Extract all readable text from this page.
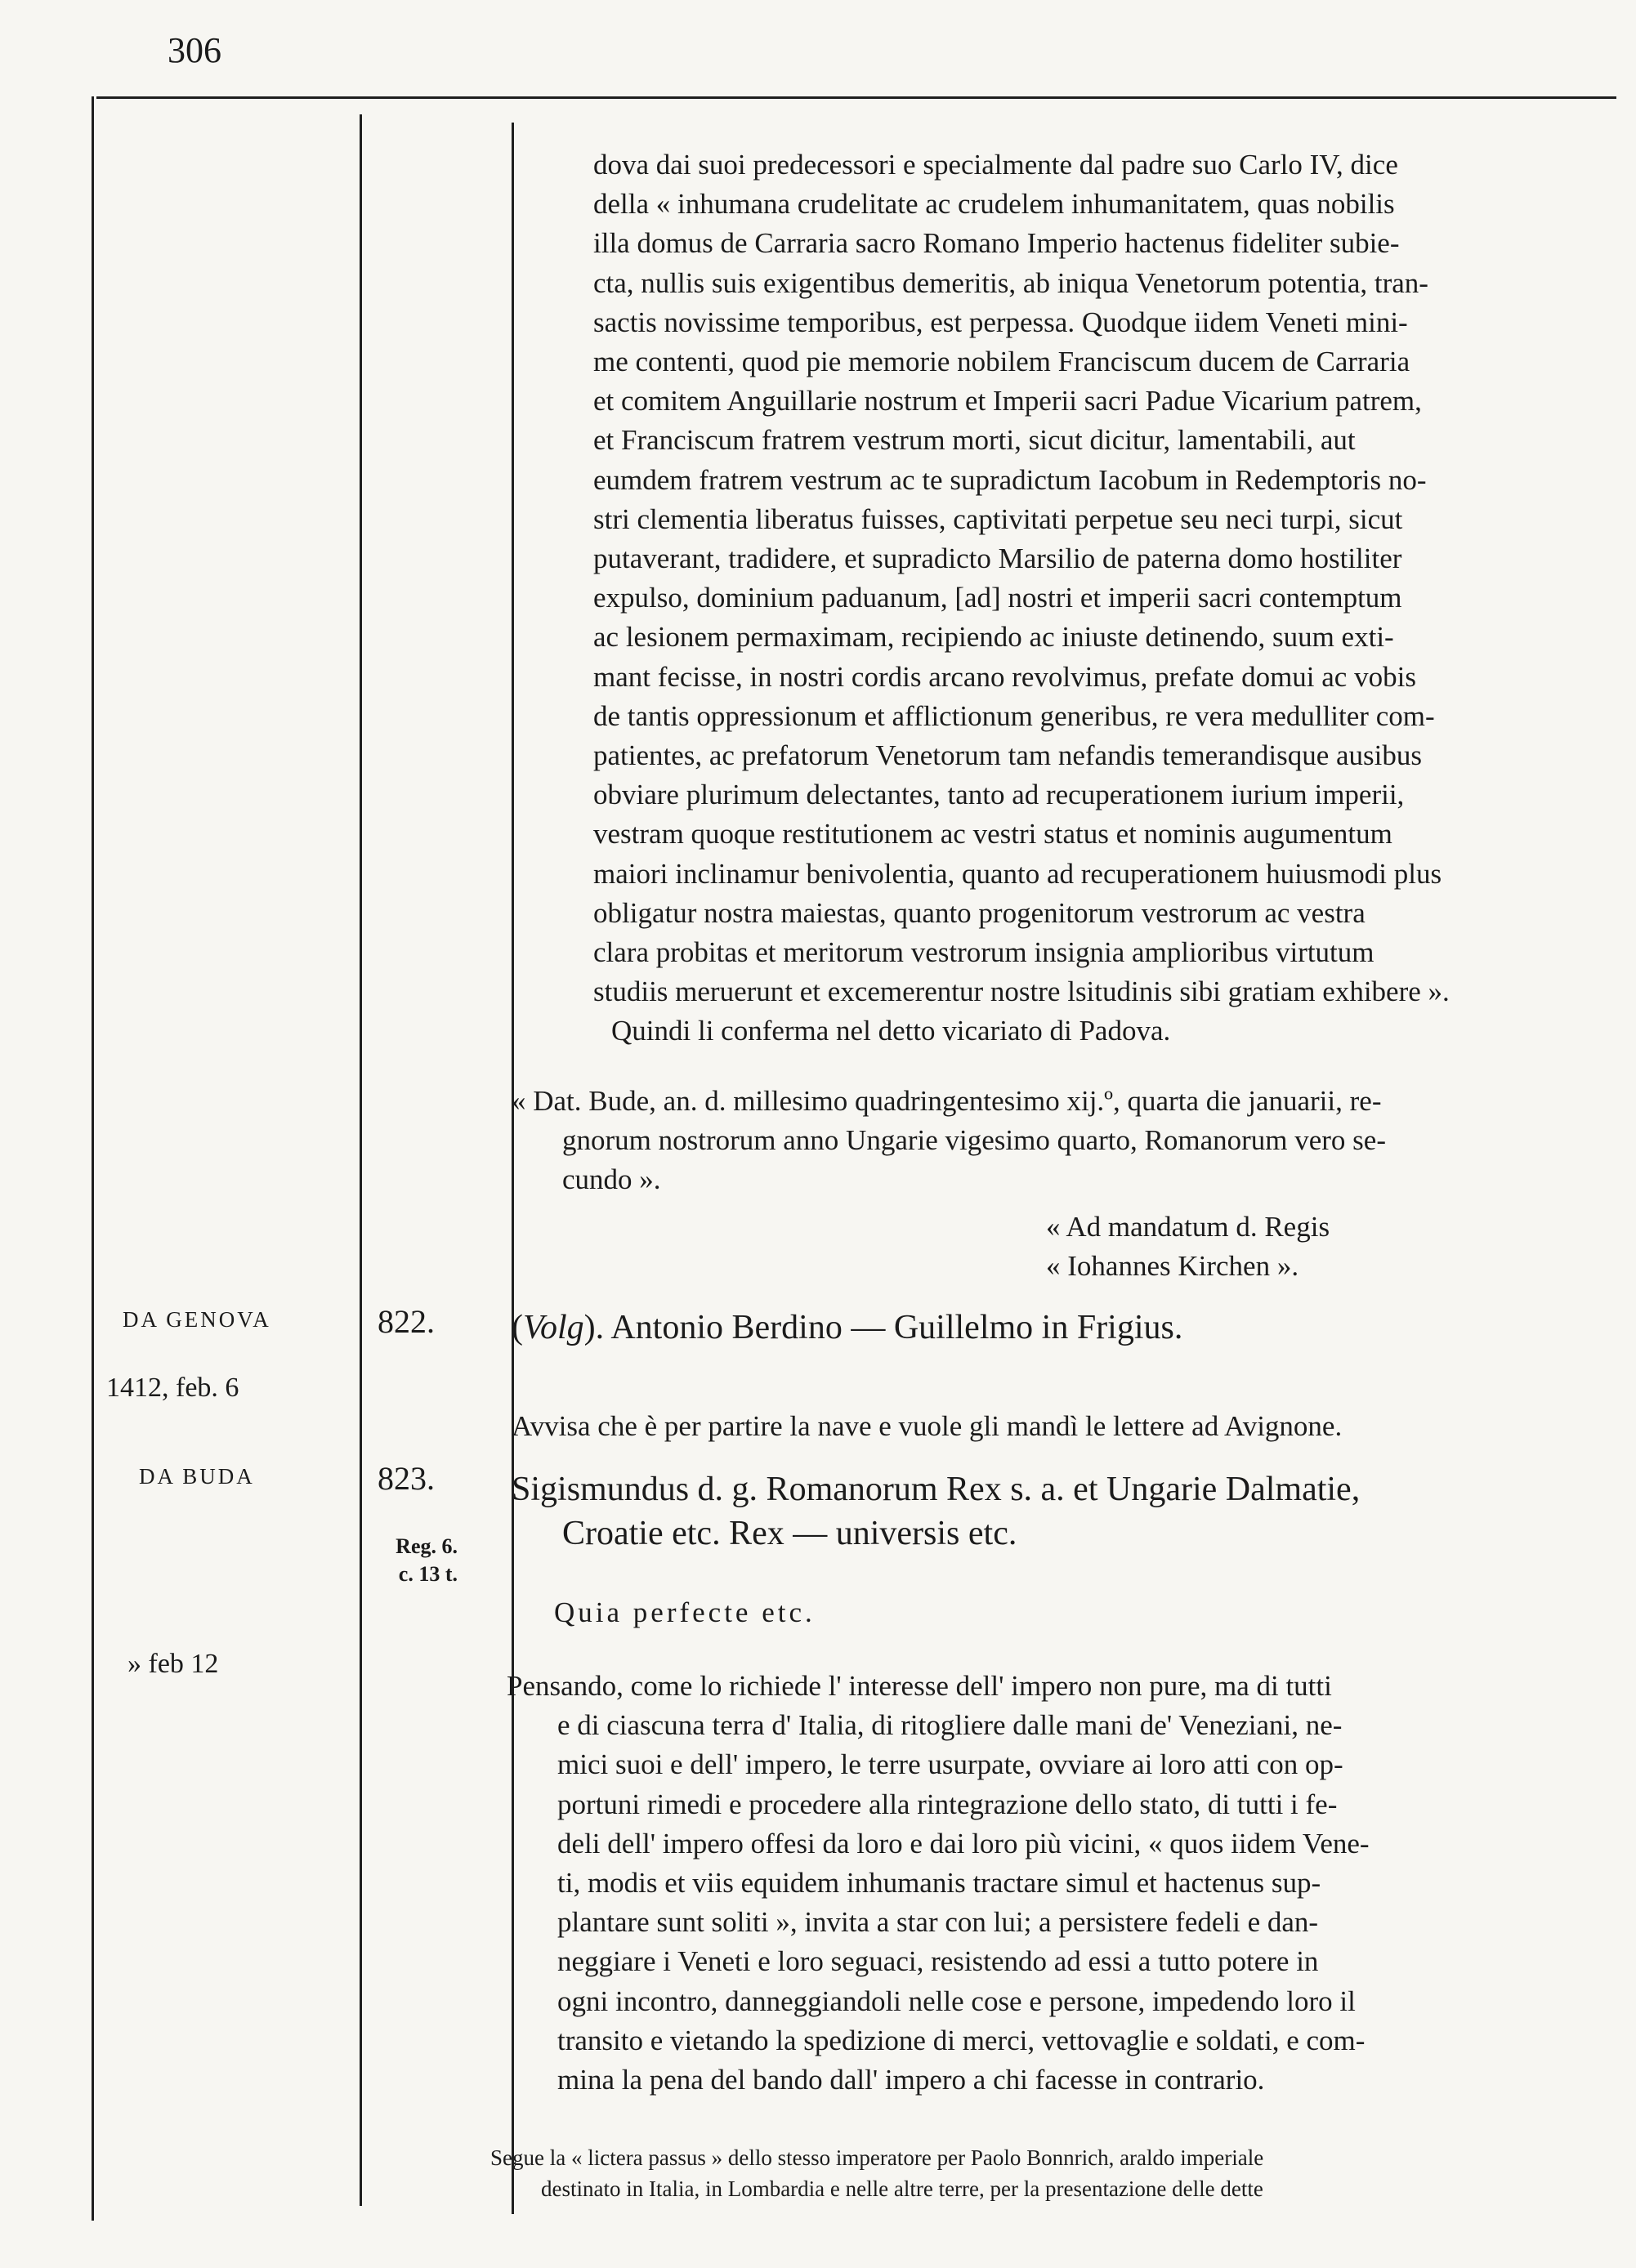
306
dova dai suoi predecessori e specialmente dal padre suo Carlo IV, dice
della « inhumana crudelitate ac crudelem inhumanitatem, quas nobilis
illa domus de Carraria sacro Romano Imperio hactenus fideliter subie-
cta, nullis suis exigentibus demeritis, ab iniqua Venetorum potentia, tran-
sactis novissime temporibus, est perpessa. Quodque iidem Veneti mini-
me contenti, quod pie memorie nobilem Franciscum ducem de Carraria
et comitem Anguillarie nostrum et Imperii sacri Padue Vicarium patrem,
et Franciscum fratrem vestrum morti, sicut dicitur, lamentabili, aut
eumdem fratrem vestrum ac te supradictum Iacobum in Redemptoris no-
stri clementia liberatus fuisses, captivitati perpetue seu neci turpi, sicut
putaverant, tradidere, et supradicto Marsilio de paterna domo hostiliter
expulso, dominium paduanum, [ad] nostri et imperii sacri contemptum
ac lesionem permaximam, recipiendo ac iniuste detinendo, suum exti-
mant fecisse, in nostri cordis arcano revolvimus, prefate domui ac vobis
de tantis oppressionum et afflictionum generibus, re vera medulliter com-
patientes, ac prefatorum Venetorum tam nefandis temerandisque ausibus
obviare plurimum delectantes, tanto ad recuperationem iurium imperii,
vestram quoque restitutionem ac vestri status et nominis augumentum
maiori inclinamur benivolentia, quanto ad recuperationem huiusmodi plus
obligatur nostra maiestas, quanto progenitorum vestrorum ac vestra
clara probitas et meritorum vestrorum insignia amplioribus virtutum
studiis meruerunt et excemerentur nostre lsitudinis sibi gratiam exhibere ».
Quindi li conferma nel detto vicariato di Padova.
« Dat. Bude, an. d. millesimo quadringentesimo xij.º, quarta die januarii, re-
gnorum nostrorum anno Ungarie vigesimo quarto, Romanorum vero se-
cundo ».
« Ad mandatum d. Regis
« Iohannes Kirchen ».
DA GENOVA
1412, feb. 6
822. (Volg). Antonio Berdino — Guillelmo in Frigius.
Avvisa che è per partire la nave e vuole gli mandì le lettere ad Avignone.
DA BUDA	823.
Reg. 6.
c. 13 t.
Sigismundus d. g. Romanorum Rex s. a. et Ungarie Dalmatie,
Croatie etc. Rex — universis etc.
Quia perfecte etc.
» feb 12
Pensando, come lo richiede l' interesse dell' impero non pure, ma di tutti
e di ciascuna terra d' Italia, di ritogliere dalle mani de' Veneziani, ne-
mici suoi e dell' impero, le terre usurpate, ovviare ai loro atti con op-
portuni rimedi e procedere alla rintegrazione dello stato, di tutti i fe-
deli dell' impero offesi da loro e dai loro più vicini, « quos iidem Vene-
ti, modis et viis equidem inhumanis tractare simul et hactenus sup-
plantare sunt soliti », invita a star con lui; a persistere fedeli e dan-
neggiare i Veneti e loro seguaci, resistendo ad essi a tutto potere in
ogni incontro, danneggiandoli nelle cose e persone, impedendo loro il
transito e vietando la spedizione di merci, vettovaglie e soldati, e com-
mina la pena del bando dall' impero a chi facesse in contrario.
Segue la « lictera passus » dello stesso imperatore per Paolo Bonnrich, araldo imperiale
destinato in Italia, in Lombardia e nelle altre terre, per la presentazione delle dette
